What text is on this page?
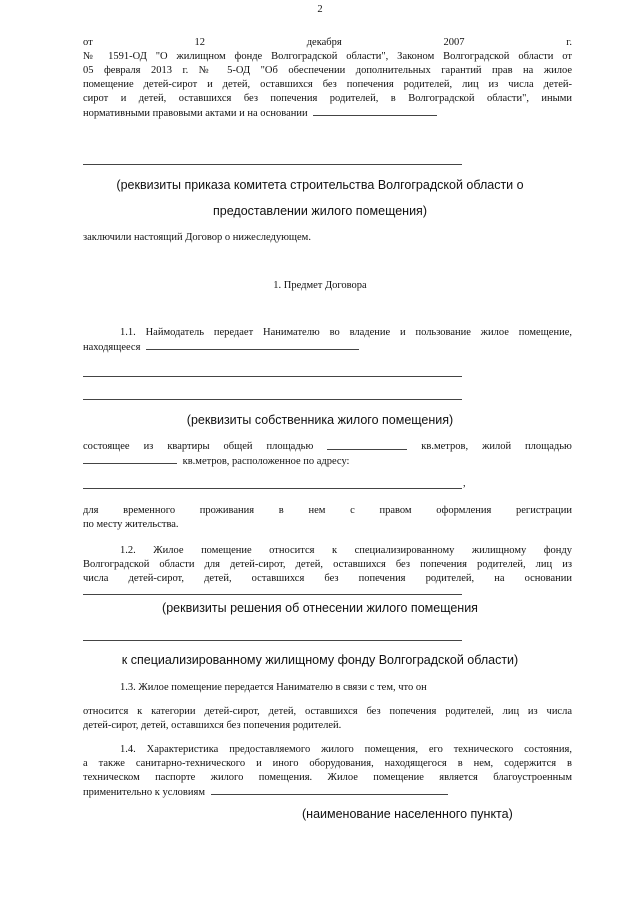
2
от	12	декабря	2007	г.
№ 1591-ОД "О жилищном фонде Волгоградской области", Законом Волгоградской области от
05 февраля 2013 г. № 5-ОД "Об обеспечении дополнительных гарантий прав на жилое
помещение детей-сирот и детей, оставшихся без попечения родителей, лиц из числа детей-
сирот и детей, оставшихся без попечения родителей, в Волгоградской области", иными
нормативными правовыми актами и на основании
(реквизиты приказа комитета строительства Волгоградской области о
предоставлении жилого помещения)
заключили настоящий Договор о нижеследующем.
1. Предмет Договора
1.1. Наймодатель передает Нанимателю во владение и пользование жилое помещение,
находящееся
(реквизиты собственника жилого помещения)
состоящее из квартиры общей площадью	кв.метров, жилой площадью
кв.метров, расположенное по адресу:
,
для временного проживания в нем с правом оформления регистрации
по месту жительства.
1.2. Жилое помещение относится к специализированному жилищному фонду
Волгоградской области для детей-сирот, детей, оставшихся без попечения родителей, лиц из
числа детей-сирот, детей, оставшихся без попечения родителей, на основании
(реквизиты решения об отнесении жилого помещения
к специализированному жилищному фонду Волгоградской области)
1.3. Жилое помещение передается Нанимателю в связи с тем, что он
относится к категории детей-сирот, детей, оставшихся без попечения родителей, лиц из числа
детей-сирот, детей, оставшихся без попечения родителей.
1.4. Характеристика предоставляемого жилого помещения, его технического состояния,
а также санитарно-технического и иного оборудования, находящегося в нем, содержится в
техническом паспорте жилого помещения. Жилое помещение является благоустроенным
применительно к условиям
(наименование населенного пункта)
